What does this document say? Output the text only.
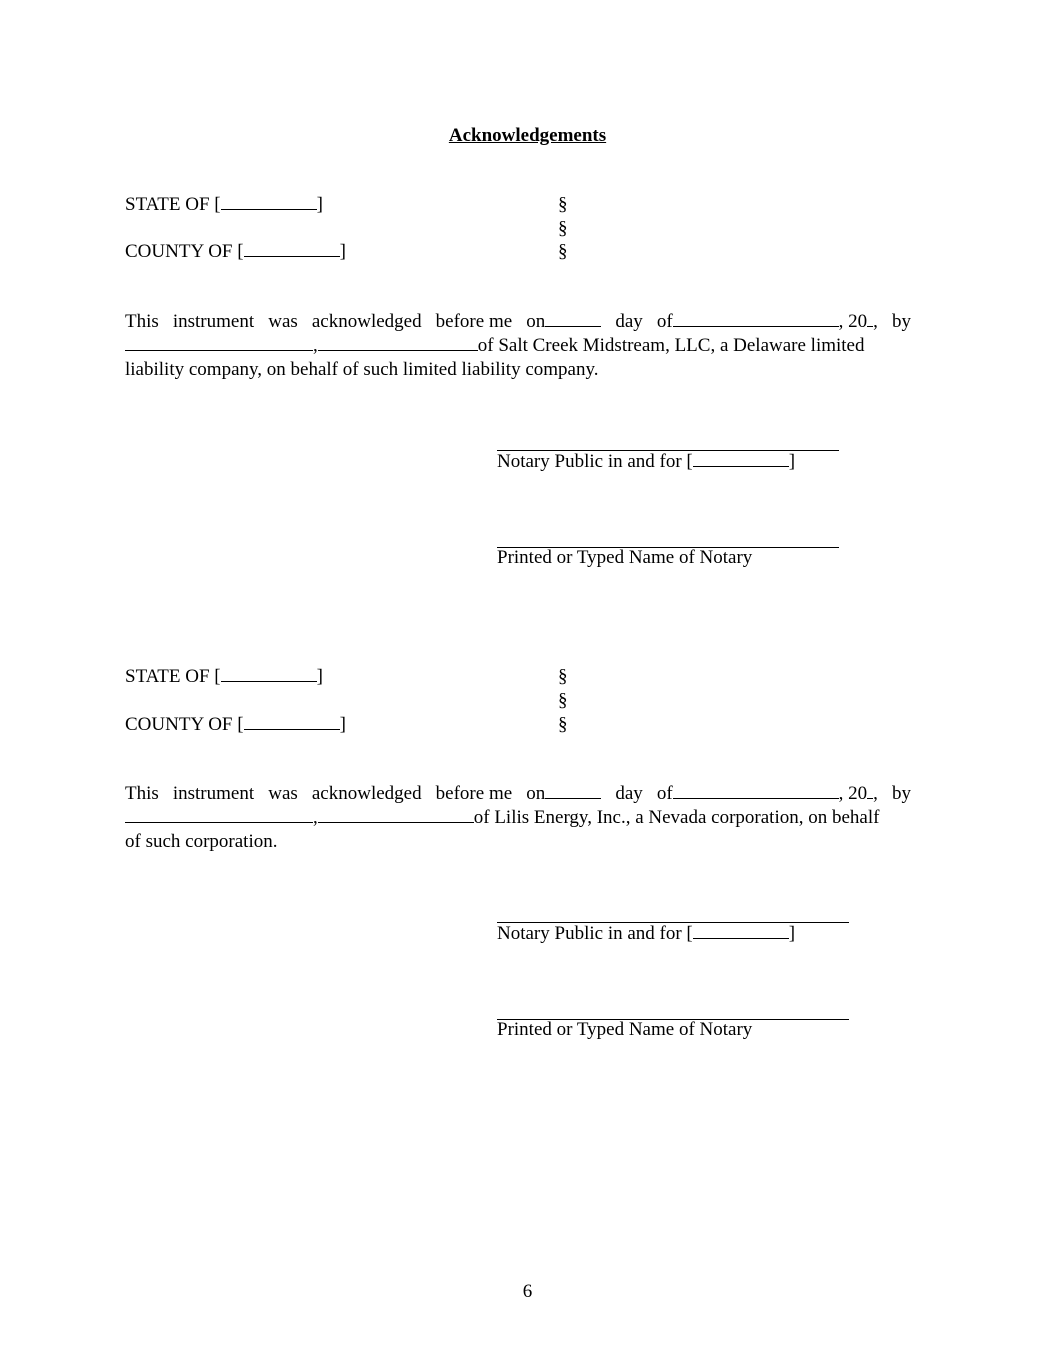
Acknowledgements
STATE OF [	]	§
§
COUNTY OF [	]	§
This instrument was acknowledged before me on	day of	, 20 , by
,	of Salt Creek Midstream, LLC, a Delaware limited
liability company, on behalf of such limited liability company.
Notary Public in and for [	]
Printed or Typed Name of Notary
STATE OF [	]	§
§
COUNTY OF [	]	§
This instrument was acknowledged before me on	day of	, 20 , by
,	of Lilis Energy, Inc., a Nevada corporation, on behalf
of such corporation.
Notary Public in and for [	]
Printed or Typed Name of Notary
6
